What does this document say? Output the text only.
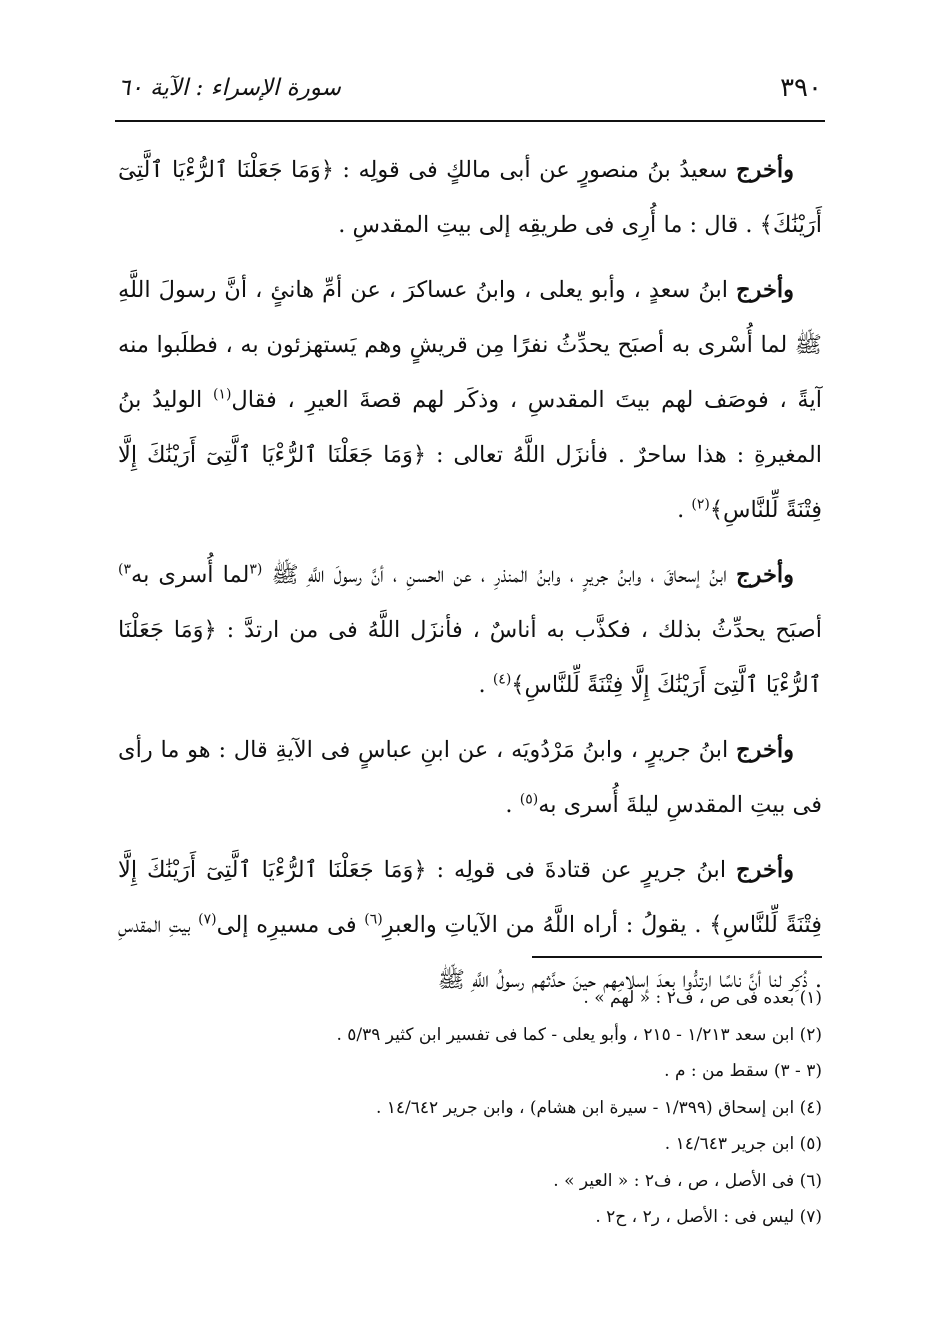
٣٩٠
سورة الإسراء : الآية ٦٠

وأخرج سعيدُ بنُ منصورٍ عن أبى مالكٍ فى قولِه : ﴿وَمَا جَعَلْنَا ٱلرُّءْيَا ٱلَّتِىٓ أَرَيْنَٰكَ﴾ . قال : ما أُرِى فى طريقِه إلى بيتِ المقدسِ .

وأخرج ابنُ سعدٍ ، وأبو يعلى ، وابنُ عساكرَ ، عن أمِّ هانئٍ ، أنَّ رسولَ اللَّهِ ﷺ لما أُسْرى به أصبَح يحدِّثُ نفرًا مِن قريشٍ وهم يَستهزئون به ، فطلَبوا منه آيةً ، فوصَف لهم بيتَ المقدسِ ، وذكَر لهم قصةَ العيرِ ، فقال$^{(١)}$ الوليدُ بنُ المغيرةِ : هذا ساحرٌ . فأنزَل اللَّهُ تعالى : ﴿وَمَا جَعَلْنَا ٱلرُّءْيَا ٱلَّتِىٓ أَرَيْنَٰكَ إِلَّا فِتْنَةً لِّلنَّاسِ﴾$^{(٢)}$ .

وأخرج ابنُ إسحاقَ ، وابنُ جريرٍ ، وابنُ المنذرِ ، عن الحسنِ ، أنَّ رسولَ اللَّهِ ﷺ $^{(٣}$لما أُسرى به$^{٣)}$ أصبَح يحدِّثُ بذلك ، فكذَّب به أناسٌ ، فأنزَل اللَّهُ فى من ارتدَّ : ﴿وَمَا جَعَلْنَا ٱلرُّءْيَا ٱلَّتِىٓ أَرَيْنَٰكَ إِلَّا فِتْنَةً لِّلنَّاسِ﴾$^{(٤)}$ .

وأخرج ابنُ جريرٍ ، وابنُ مَرْدُويَه ، عن ابنِ عباسٍ فى الآيةِ قال : هو ما رأى فى بيتِ المقدسِ ليلةَ أُسرى به$^{(٥)}$ .

وأخرج ابنُ جريرٍ عن قتادةَ فى قولِه : ﴿وَمَا جَعَلْنَا ٱلرُّءْيَا ٱلَّتِىٓ أَرَيْنَٰكَ إِلَّا فِتْنَةً لِّلنَّاسِ﴾ . يقولُ : أراه اللَّهُ من الآياتِ والعبرِ$^{(٦)}$ فى مسيرِه إلى$^{(٧)}$ بيتِ المقدسِ . ذُكِر لنا أنَّ ناسًا ارتدُّوا بعدَ إسلامِهم حينَ حدَّثهم رسولُ اللَّهِ ﷺ

(١) بعده فى ص ، ف٢ : « لهم » .

(٢) ابن سعد ١/٢١٣ - ٢١٥ ، وأبو يعلى - كما فى تفسير ابن كثير ٥/٣٩ .

(٣ - ٣) سقط من : م .

(٤) ابن إسحاق (١/٣٩٩ - سيرة ابن هشام) ، وابن جرير ١٤/٦٤٢ .

(٥) ابن جرير ١٤/٦٤٣ .

(٦) فى الأصل ، ص ، ف٢ : « العير » .

(٧) ليس فى : الأصل ، ر٢ ، ح٢ .
